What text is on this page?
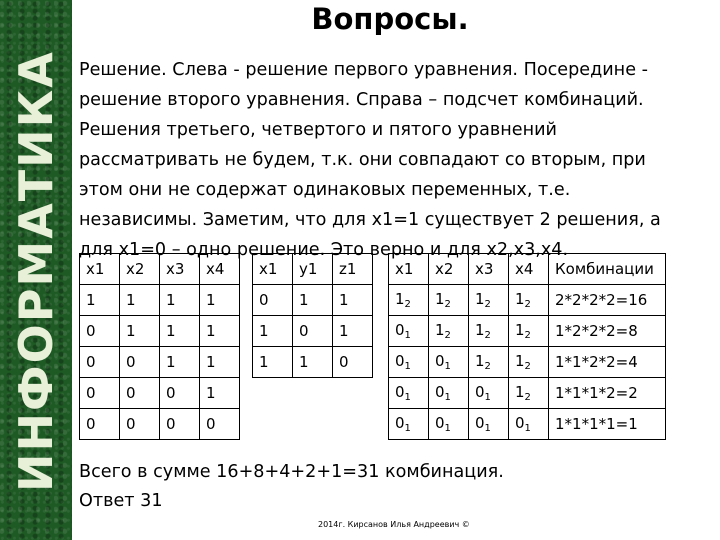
ИНФОРМАТИКА
Вопросы.
Решение. Слева - решение первого уравнения. Посередине -
решение второго уравнения. Справа – подсчет комбинаций.
Решения третьего, четвертого и пятого уравнений
рассматривать не будем, т.к. они совпадают со вторым, при
этом они не содержат одинаковых переменных, т.е.
независимы. Заметим, что для x1=1 существует 2 решения, а
для x1=0 – одно решение. Это верно и для x2,x3,x4.
x1	x2	x3	x4
1	1	1	1
0	1	1	1
0	0	1	1
0	0	0	1
0	0	0	0
x1	y1	z1
0	1	1
1	0	1
1	1	0
x1	x2	x3	x4	Комбинации
$1_2$	$1_2$	$1_2$	$1_2$	2*2*2*2=16
$0_1$	$1_2$	$1_2$	$1_2$	1*2*2*2=8
$0_1$	$0_1$	$1_2$	$1_2$	1*1*2*2=4
$0_1$	$0_1$	$0_1$	$1_2$	1*1*1*2=2
$0_1$	$0_1$	$0_1$	$0_1$	1*1*1*1=1
Всего в сумме 16+8+4+2+1=31 комбинация.
Ответ 31
2014г. Кирсанов Илья Андреевич ©
